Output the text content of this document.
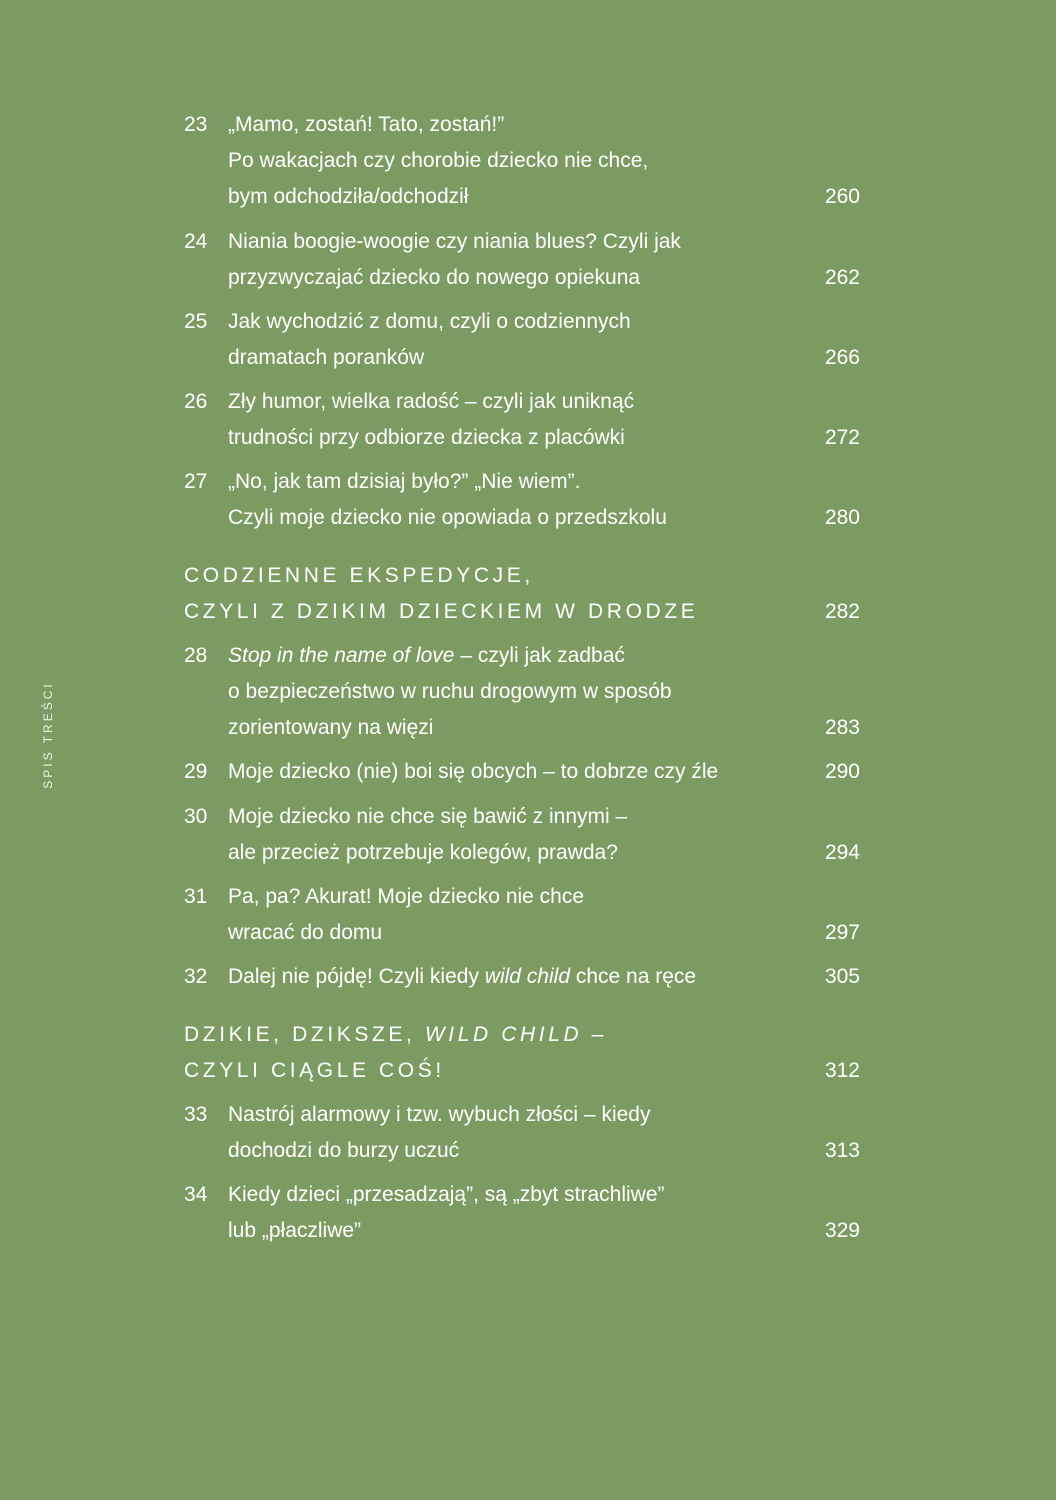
SPIS TREŚCI
23 „Mamo, zostań! Tato, zostań!”
Po wakacjach czy chorobie dziecko nie chce,
bym odchodziła/odchodził	260
24 Niania boogie-woogie czy niania blues? Czyli jak
przyzwyczajać dziecko do nowego opiekuna	262
25 Jak wychodzić z domu, czyli o codziennych
dramatach poranków	266
26 Zły humor, wielka radość – czyli jak uniknąć
trudności przy odbiorze dziecka z placówki	272
27 „No, jak tam dzisiaj było?” „Nie wiem”.
Czyli moje dziecko nie opowiada o przedszkolu	280
CODZIENNE EKSPEDYCJE,
CZYLI Z DZIKIM DZIECKIEM W DRODZE	282
28 Stop in the name of love – czyli jak zadbać
o bezpieczeństwo w ruchu drogowym w sposób
zorientowany na więzi	283
29 Moje dziecko (nie) boi się obcych – to dobrze czy źle	290
30 Moje dziecko nie chce się bawić z innymi –
ale przecież potrzebuje kolegów, prawda?	294
31 Pa, pa? Akurat! Moje dziecko nie chce
wracać do domu	297
32 Dalej nie pójdę! Czyli kiedy wild child chce na ręce	305
DZIKIE, DZIKSZE, WILD CHILD –
CZYLI CIĄGLE COŚ!	312
33 Nastrój alarmowy i tzw. wybuch złości – kiedy
dochodzi do burzy uczuć	313
34 Kiedy dzieci „przesadzają”, są „zbyt strachliwe”
lub „płaczliwe”	329
